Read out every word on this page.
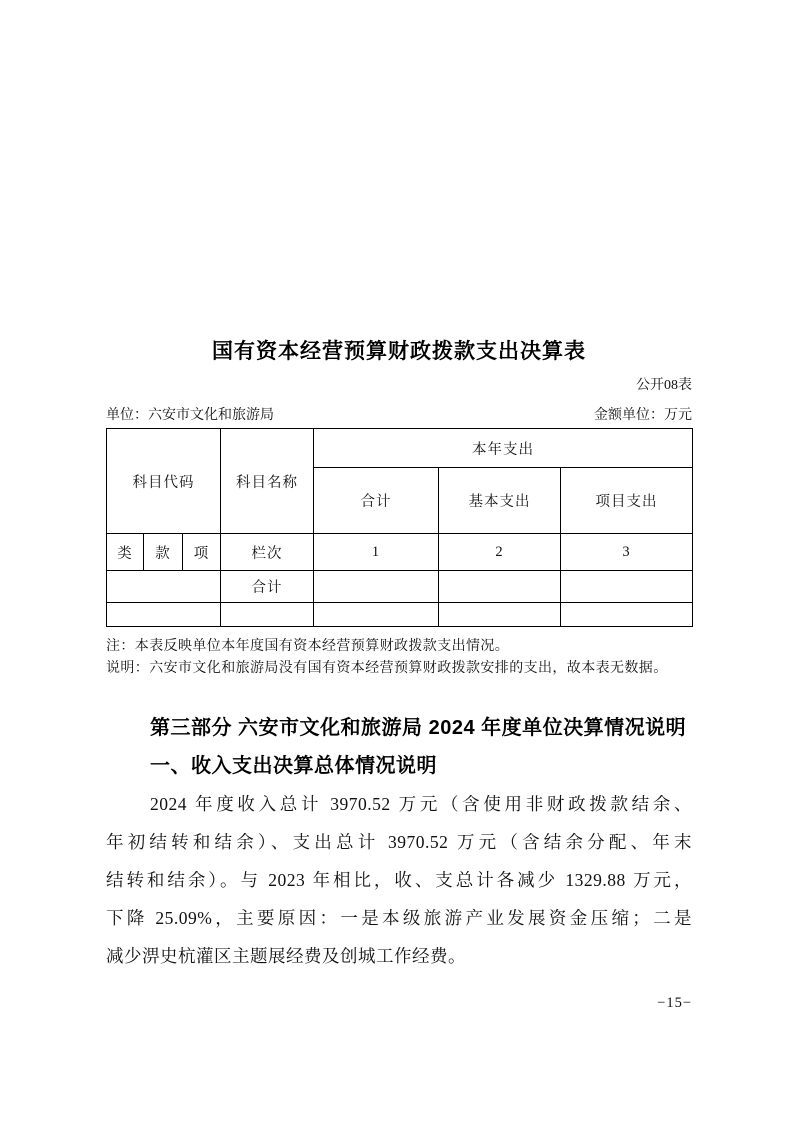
国有资本经营预算财政拨款支出决算表
公开08表
单位：六安市文化和旅游局	金额单位：万元
科目代码			科目名称	本年支出		
				合计	基本支出	项目支出
类	款	项	栏次	1	2	3
			合计			

注：本表反映单位本年度国有资本经营预算财政拨款支出情况。
说明：六安市文化和旅游局没有国有资本经营预算财政拨款安排的支出，故本表无数据。
第三部分 六安市文化和旅游局 2024 年度单位决算情况说明
一、收入支出决算总体情况说明
2024 年度收入总计 3970.52 万元（含使用非财政拨款结余、
年初结转和结余）、支出总计 3970.52 万元（含结余分配、年末
结转和结余）。与 2023 年相比，收、支总计各减少 1329.88 万元，
下降 25.09%，主要原因：一是本级旅游产业发展资金压缩；二是
减少淠史杭灌区主题展经费及创城工作经费。
−15−
